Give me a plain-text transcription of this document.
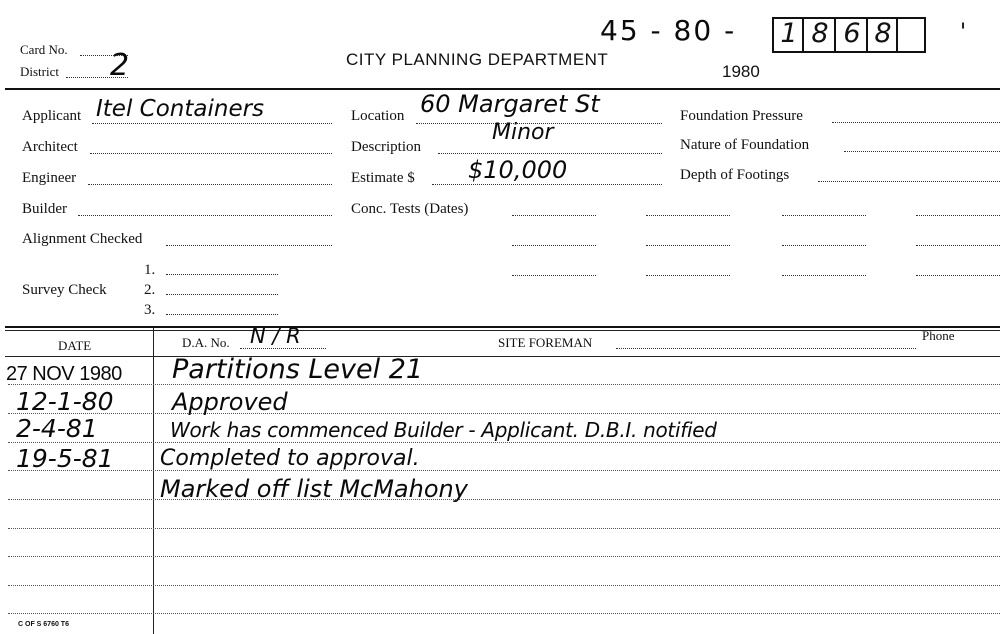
Card No.
District 2	CITY PLANNING DEPARTMENT
1980
45 - 80 - 1 8 6 8	'
Applicant Itel Containers
Architect
Engineer
Builder
Alignment Checked
Survey Check
1.
2.
3.
Location 60 Margaret St
Description
Minor
Estimate $ $10,000
Conc. Tests (Dates)
Foundation Pressure
Nature of Foundation
Depth of Footings
DATE	D.A. No. N / R	SITE FOREMAN	Phone
27 NOV 1980 Partitions Level 21
12-1-80 Approved
2-4-81	Work has commenced Builder - Applicant. D.B.I. notified
19-5-81 Completed to approval.
Marked off list McMahony
C OF S 6760 T6
